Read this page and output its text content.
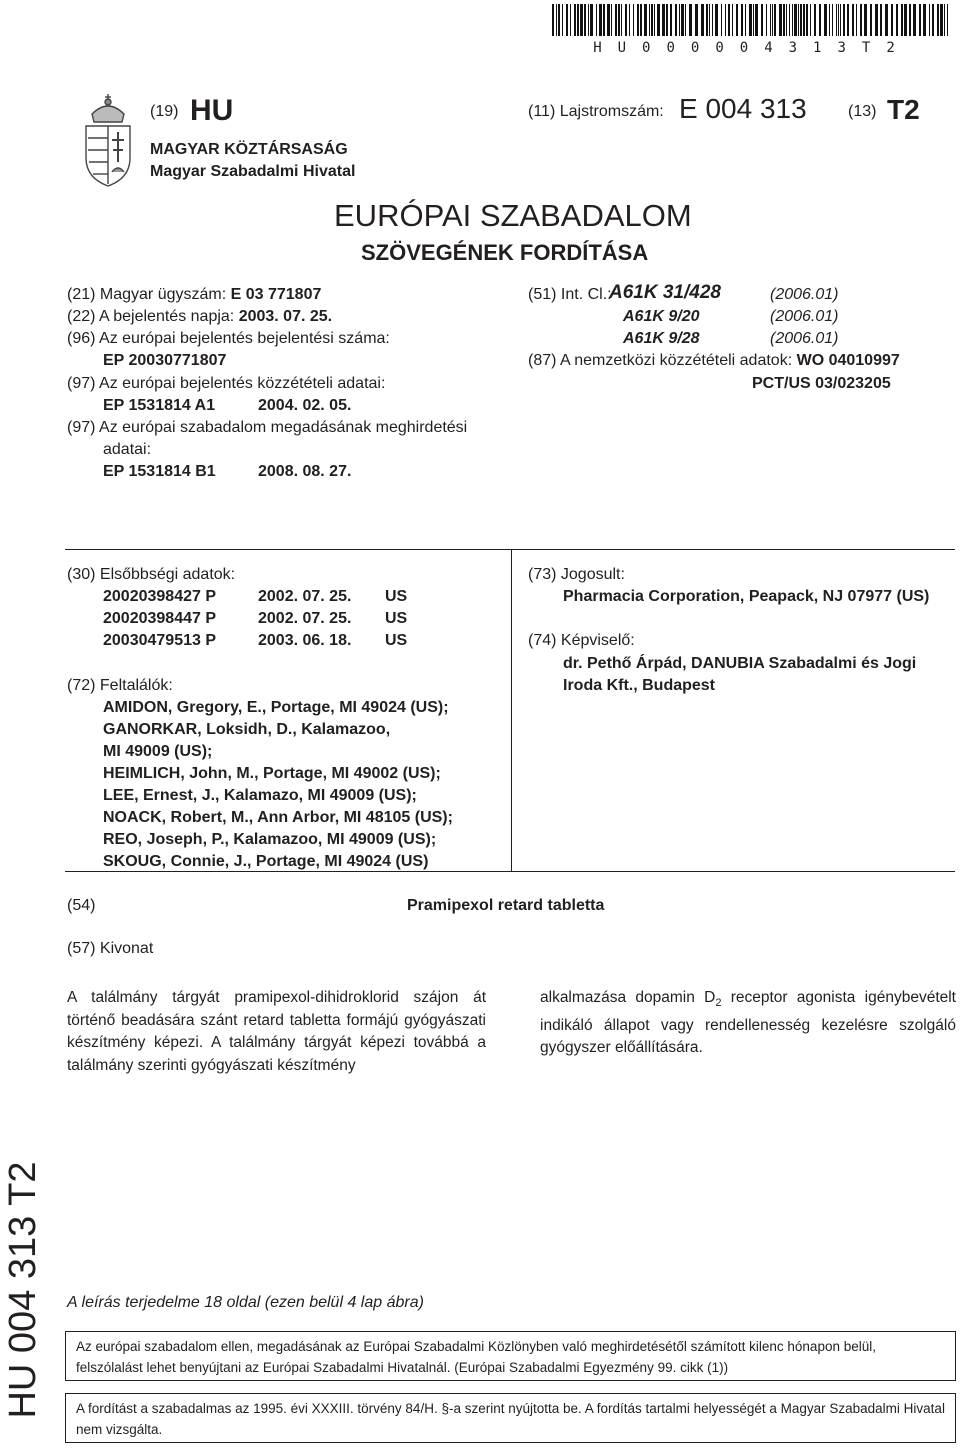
HU000004313T2
(19) HU	(11) Lajstromszám: E 004 313	(13) T2
MAGYAR KÖZTÁRSASÁG
Magyar Szabadalmi Hivatal
EURÓPAI SZABADALOM
SZÖVEGÉNEK FORDÍTÁSA
(21) Magyar ügyszám: E 03 771807
(22) A bejelentés napja: 2003. 07. 25.
(96) Az európai bejelentés bejelentési száma:
EP 20030771807
(97) Az európai bejelentés közzétételi adatai:
EP 1531814 A1	2004. 02. 05.
(97) Az európai szabadalom megadásának meghirdetési
adatai:
EP 1531814 B1	2008. 08. 27.
(51) Int. Cl.:
A61K 31/428	(2006.01)
A61K 9/20	(2006.01)
A61K 9/28	(2006.01)
(87) A nemzetközi közzétételi adatok: WO 04010997
PCT/US 03/023205
(30) Elsőbbségi adatok:
20020398427 P	2002. 07. 25. US
20020398447 P	2002. 07. 25. US
20030479513 P	2003. 06. 18. US
(72) Feltalálók:
AMIDON, Gregory, E., Portage, MI 49024 (US);
GANORKAR, Loksidh, D., Kalamazoo,
MI 49009 (US);
HEIMLICH, John, M., Portage, MI 49002 (US);
LEE, Ernest, J., Kalamazo, MI 49009 (US);
NOACK, Robert, M., Ann Arbor, MI 48105 (US);
REO, Joseph, P., Kalamazoo, MI 49009 (US);
SKOUG, Connie, J., Portage, MI 49024 (US)
(73) Jogosult:
Pharmacia Corporation, Peapack, NJ 07977 (US)
(74) Képviselő:
dr. Pethő Árpád, DANUBIA Szabadalmi és Jogi
Iroda Kft., Budapest
(54)	Pramipexol retard tabletta
(57) Kivonat
A találmány tárgyát pramipexol-dihidroklorid szájon át történő beadására szánt retard tabletta formájú gyógyászati készítmény képezi. A találmány tárgyát képezi továbbá a találmány szerinti gyógyászati készítmény
alkalmazása dopamin $D_2$ receptor agonista igénybevételt indikáló állapot vagy rendellenesség kezelésre szolgáló gyógyszer előállítására.
HU 004 313 T2 A leírás terjedelme 18 oldal (ezen belül 4 lap ábra)
Az európai szabadalom ellen, megadásának az Európai Szabadalmi Közlönyben való meghirdetésétől számított kilenc hónapon belül, felszólalást lehet benyújtani az Európai Szabadalmi Hivatalnál. (Európai Szabadalmi Egyezmény 99. cikk (1))
A fordítást a szabadalmas az 1995. évi XXXIII. törvény 84/H. §-a szerint nyújtotta be. A fordítás tartalmi helyességét a Magyar Szabadalmi Hivatal nem vizsgálta.
